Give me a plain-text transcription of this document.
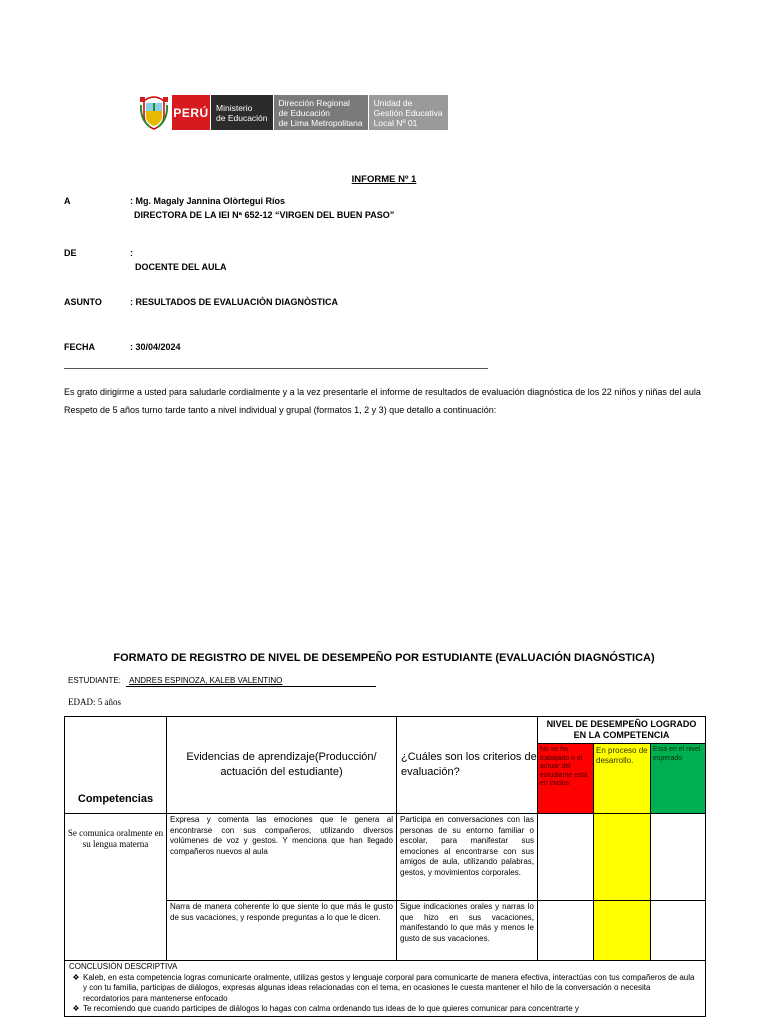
PERÚ Ministerio
de Educación
Dirección Regional
de Educación
de Lima Metropolitana
Unidad de
Gestión Educativa
Local Nº 01
INFORME Nº 1
A	: Mg. Magaly Jannina Olòrtegui Ríos
DIRECTORA DE LA IEI Nª 652-12 “VIRGEN DEL BUEN PASO”
DE	:
DOCENTE DEL AULA
ASUNTO	: RESULTADOS DE EVALUACIÒN DIAGNÒSTICA
FECHA	: 30/04/2024
Es grato dirigirme a usted para saludarle cordialmente y a la vez presentarle el informe de resultados de evaluación diagnóstica de los 22 niños y niñas del aula Respeto de 5 años turno tarde tanto a nivel individual y grupal (formatos 1, 2 y 3) que detallo a continuación:
FORMATO DE REGISTRO DE NIVEL DE DESEMPEÑO POR ESTUDIANTE (EVALUACIÓN DIAGNÓSTICA)
ESTUDIANTE: ANDRES ESPINOZA, KALEB VALENTINO
EDAD: 5 años
Competencias	Evidencias de aprendizaje(Producción/ actuación del estudiante)	¿Cuáles son los criterios de evaluación?	NIVEL DE DESEMPEÑO LOGRADO EN LA COMPETENCIA		
			No se ha trabajado o el actuar del estudiante está en inicios	En proceso de desarrollo.	Está en el nivel esperado
Se comunica oralmente en su lengua materna	Expresa y comenta las emociones que le genera al encontrarse con sus compañeros, utilizando diversos volúmenes de voz y gestos. Y menciona que han llegado compañeros nuevos al aula	Participa en conversaciones con las personas de su entorno familiar o escolar, para manifestar sus emociones al encontrarse con sus amigos de aula, utilizando palabras, gestos, y movimientos corporales.			
	Narra de manera coherente lo que siente lo que más le gusto de sus vacaciones, y responde preguntas a lo que le dicen.	Sigue indicaciones orales y narras lo que hizo en sus vacaciones, manifestando lo que más y menos le gusto de sus vacaciones.			

CONCLUSIÒN DESCRIPTIVA
❖ Kaleb, en esta competencia logras comunicarte oralmente, utilizas gestos y lenguaje corporal para comunicarte de manera efectiva, interactúas con tus compañeros de aula y con tu familia, participas de diálogos, expresas algunas ideas relacionadas con el tema, en ocasiones le cuesta mantener el hilo de la conversación o necesita recordatorios para mantenerse enfocado
❖ Te recomiendo que cuando participes de diálogos lo hagas con calma ordenando tus ideas de lo que quieres comunicar para concentrarte y					
